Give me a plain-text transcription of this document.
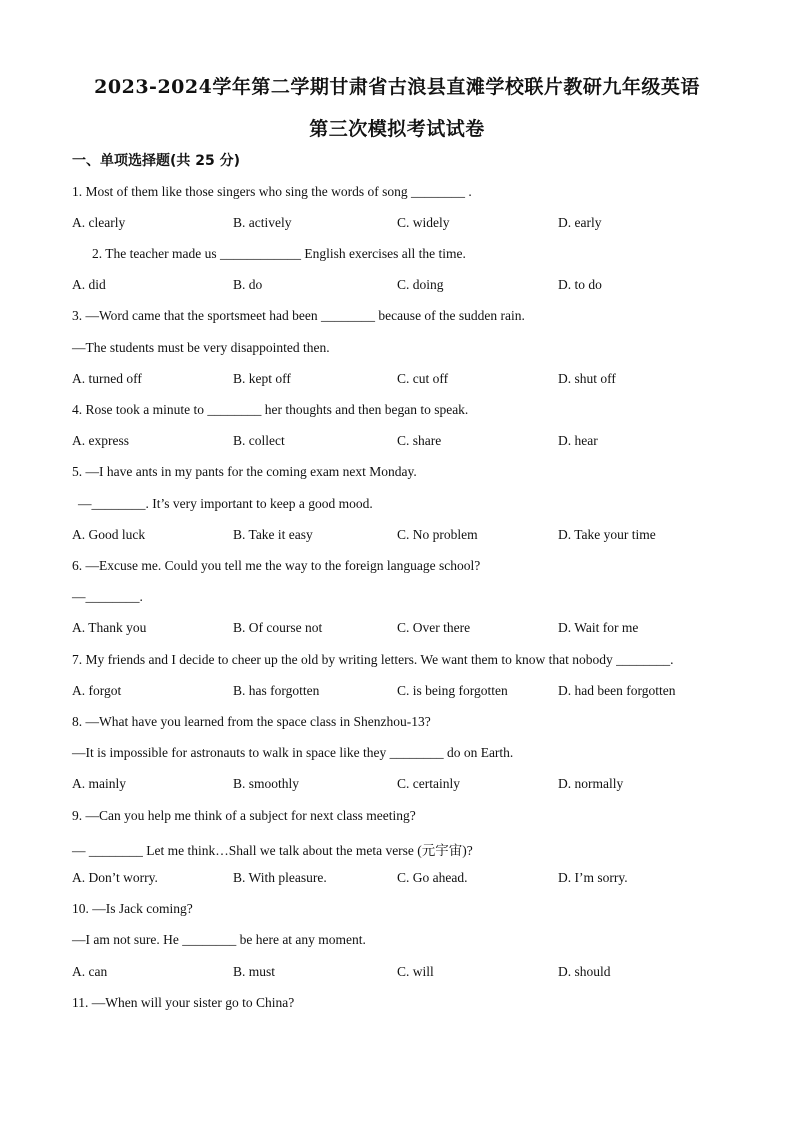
2023-2024学年第二学期甘肃省古浪县直滩学校联片教研九年级英语
第三次模拟考试试卷
一、单项选择题(共 25 分)
1. Most of them like those singers who sing the words of song ________ .
A. clearly	B. actively	C. widely	D. early
2. The teacher made us ____________ English exercises all the time.
A. did	B. do	C. doing	D. to do
3. —Word came that the sportsmeet had been ________ because of the sudden rain.
—The students must be very disappointed then.
A. turned off	B. kept off	C. cut off	D. shut off
4. Rose took a minute to ________ her thoughts and then began to speak.
A. express	B. collect	C. share	D. hear
5. —I have ants in my pants for the coming exam next Monday.
—________. It’s very important to keep a good mood.
A. Good luck	B. Take it easy	C. No problem	D. Take your time
6. —Excuse me. Could you tell me the way to the foreign language school?
—________.
A. Thank you	B. Of course not	C. Over there	D. Wait for me
7. My friends and I decide to cheer up the old by writing letters. We want them to know that nobody ________.
A. forgot	B. has forgotten	C. is being forgotten	D. had been forgotten
8. —What have you learned from the space class in Shenzhou-13?
—It is impossible for astronauts to walk in space like they ________ do on Earth.
A. mainly	B. smoothly	C. certainly	D. normally
9. —Can you help me think of a subject for next class meeting?
— ________ Let me think…Shall we talk about the meta verse (元宇宙)?
A. Don’t worry.	B. With pleasure.	C. Go ahead.	D. I’m sorry.
10. —Is Jack coming?
—I am not sure. He ________ be here at any moment.
A. can	B. must	C. will	D. should
11. —When will your sister go to China?
